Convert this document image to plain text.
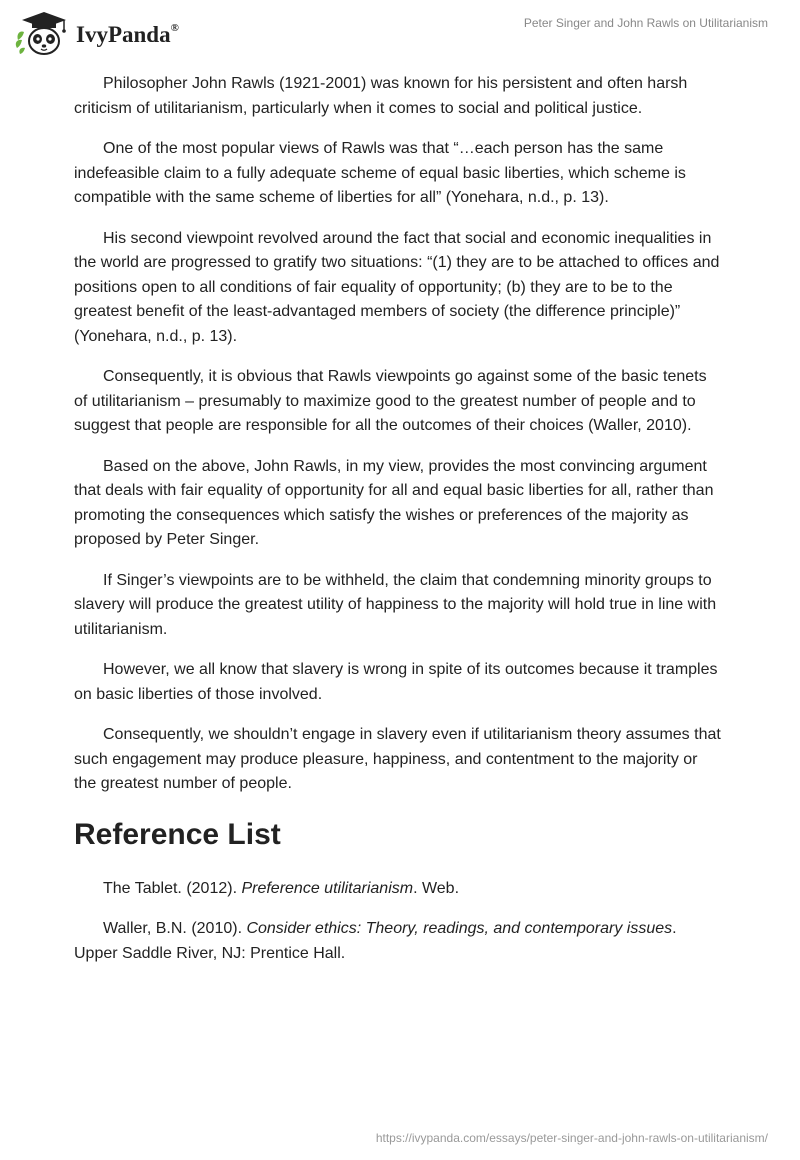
IvyPanda®	Peter Singer and John Rawls on Utilitarianism

Philosopher John Rawls (1921-2001) was known for his persistent and often harsh criticism of utilitarianism, particularly when it comes to social and political justice.

One of the most popular views of Rawls was that “…each person has the same indefeasible claim to a fully adequate scheme of equal basic liberties, which scheme is compatible with the same scheme of liberties for all” (Yonehara, n.d., p. 13).

His second viewpoint revolved around the fact that social and economic inequalities in the world are progressed to gratify two situations: “(1) they are to be attached to offices and positions open to all conditions of fair equality of opportunity; (b) they are to be to the greatest benefit of the least-advantaged members of society (the difference principle)” (Yonehara, n.d., p. 13).

Consequently, it is obvious that Rawls viewpoints go against some of the basic tenets of utilitarianism – presumably to maximize good to the greatest number of people and to suggest that people are responsible for all the outcomes of their choices (Waller, 2010).

Based on the above, John Rawls, in my view, provides the most convincing argument that deals with fair equality of opportunity for all and equal basic liberties for all, rather than promoting the consequences which satisfy the wishes or preferences of the majority as proposed by Peter Singer.

If Singer’s viewpoints are to be withheld, the claim that condemning minority groups to slavery will produce the greatest utility of happiness to the majority will hold true in line with utilitarianism.

However, we all know that slavery is wrong in spite of its outcomes because it tramples on basic liberties of those involved.

Consequently, we shouldn’t engage in slavery even if utilitarianism theory assumes that such engagement may produce pleasure, happiness, and contentment to the majority or the greatest number of people.

Reference List

The Tablet. (2012). Preference utilitarianism. Web.

Waller, B.N. (2010). Consider ethics: Theory, readings, and contemporary issues. Upper Saddle River, NJ: Prentice Hall.

https://ivypanda.com/essays/peter-singer-and-john-rawls-on-utilitarianism/
